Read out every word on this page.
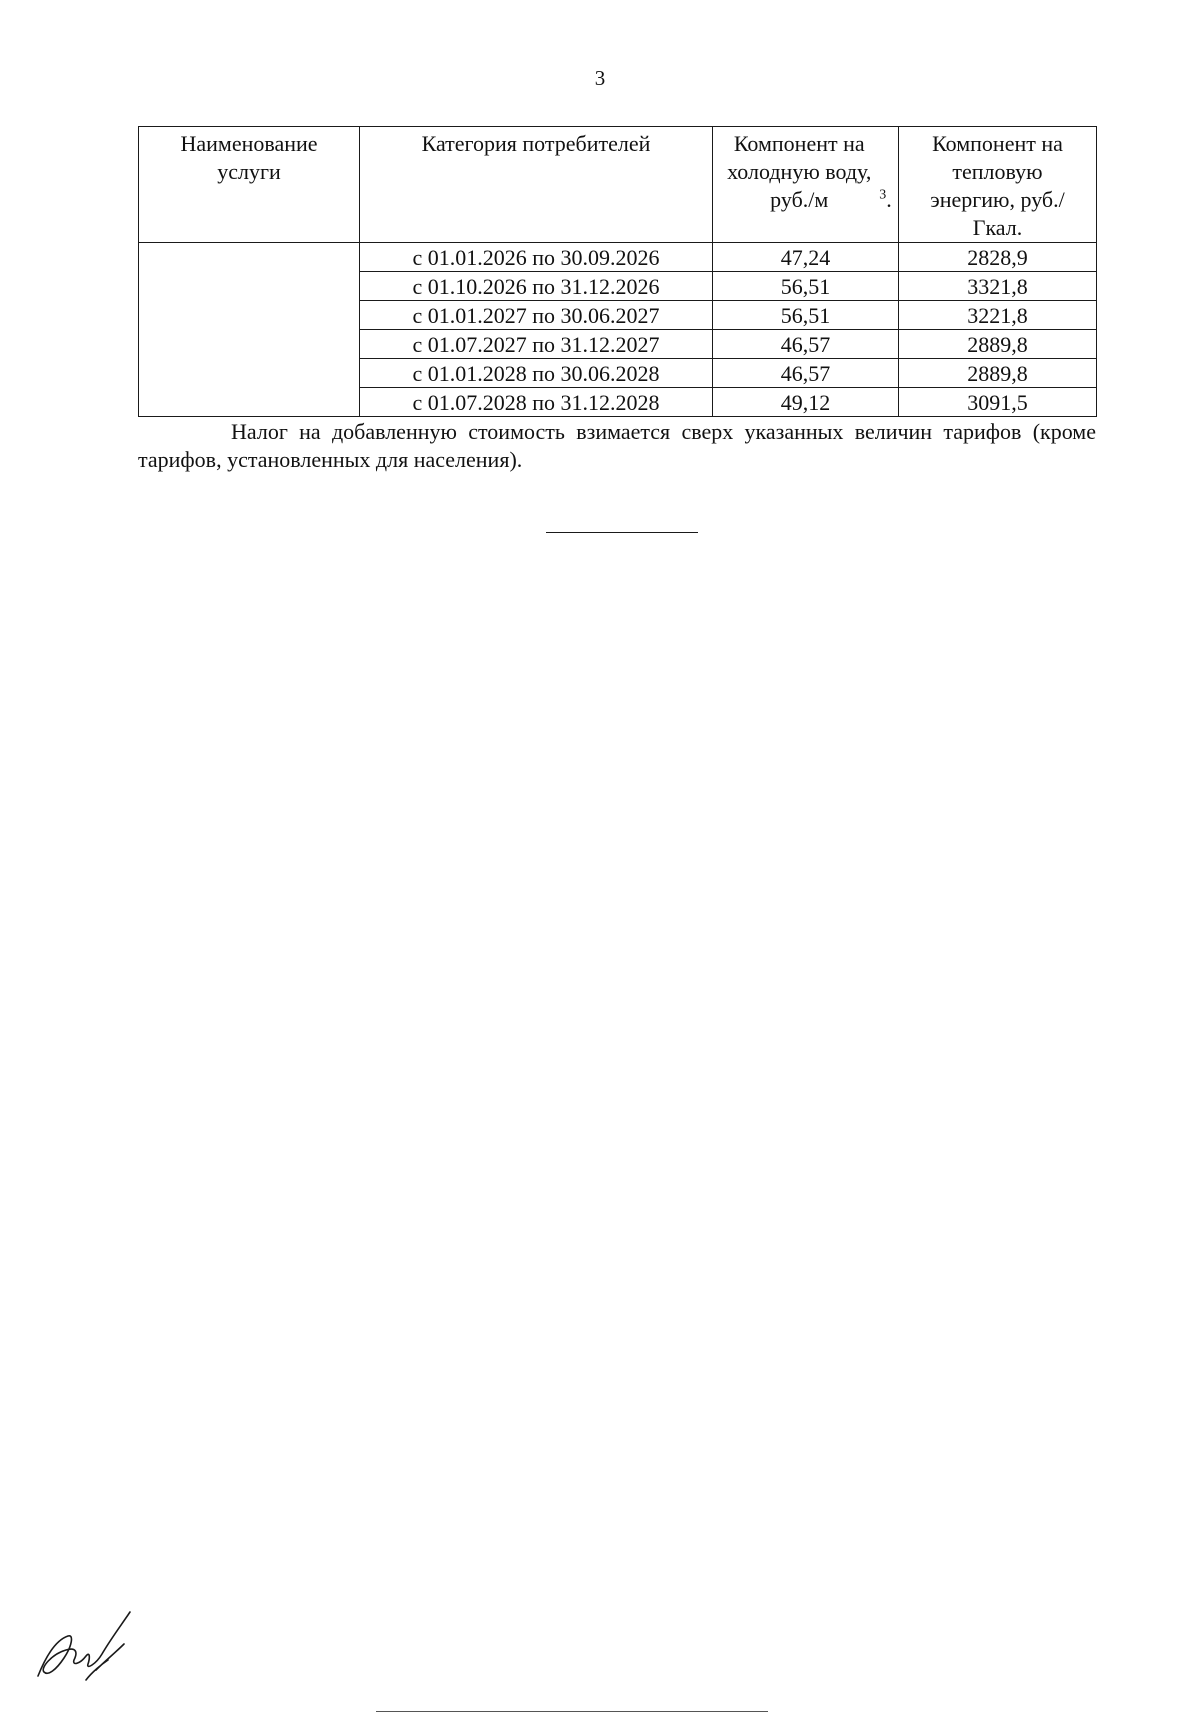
3
Наименование услуги	Категория потребителей	Компонент на холодную воду, руб./м $^3$.	Компонент на тепловую энергию, руб./Гкал.
	с 01.01.2026 по 30.09.2026	47,24	2828,9
	с 01.10.2026 по 31.12.2026	56,51	3321,8
	с 01.01.2027 по 30.06.2027	56,51	3221,8
	с 01.07.2027 по 31.12.2027	46,57	2889,8
	с 01.01.2028 по 30.06.2028	46,57	2889,8
	с 01.07.2028 по 31.12.2028	49,12	3091,5

Налог на добавленную стоимость взимается сверх указанных величин тарифов (кроме тарифов, установленных для населения).
